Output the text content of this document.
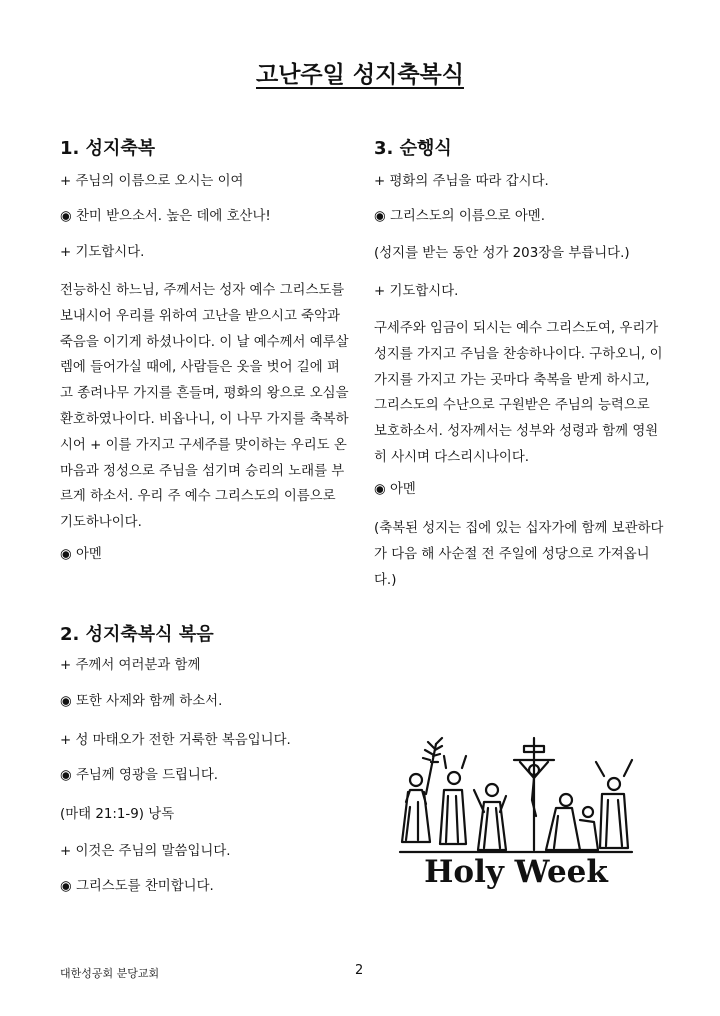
고난주일 성지축복식
1. 성지축복
+ 주님의 이름으로 오시는 이여
◉ 찬미 받으소서. 높은 데에 호산나!
+ 기도합시다.
전능하신 하느님, 주께서는 성자 예수 그리스도를 보내시어 우리를 위하여 고난을 받으시고 죽악과 죽음을 이기게 하셨나이다. 이 날 예수께서 예루살렘에 들어가실 때에, 사람들은 옷을 벗어 길에 펴고 종려나무 가지를 흔들며, 평화의 왕으로 오심을 환호하였나이다. 비옵나니, 이 나무 가지를 축복하시어 + 이를 가지고 구세주를 맞이하는 우리도 온 마음과 정성으로 주님을 섬기며 승리의 노래를 부르게 하소서. 우리 주 예수 그리스도의 이름으로 기도하나이다.
◉ 아멘
2. 성지축복식 복음
+ 주께서 여러분과 함께
◉ 또한 사제와 함께 하소서.
+ 성 마태오가 전한 거룩한 복음입니다.
◉ 주님께 영광을 드립니다.
(마태 21:1-9) 낭독
+ 이것은 주님의 말씀입니다.
◉ 그리스도를 찬미합니다.
3. 순행식
+ 평화의 주님을 따라 갑시다.
◉ 그리스도의 이름으로 아멘.
(성지를 받는 동안 성가 203장을 부릅니다.)
+ 기도합시다.
구세주와 임금이 되시는 예수 그리스도여, 우리가 성지를 가지고 주님을 찬송하나이다. 구하오니, 이 가지를 가지고 가는 곳마다 축복을 받게 하시고, 그리스도의 수난으로 구원받은 주님의 능력으로 보호하소서. 성자께서는 성부와 성령과 함께 영원히 사시며 다스리시나이다.
◉ 아멘
(축복된 성지는 집에 있는 십자가에 함께 보관하다가 다음 해 사순절 전 주일에 성당으로 가져옵니다.)
Holy Week
대한성공회 분당교회	2
